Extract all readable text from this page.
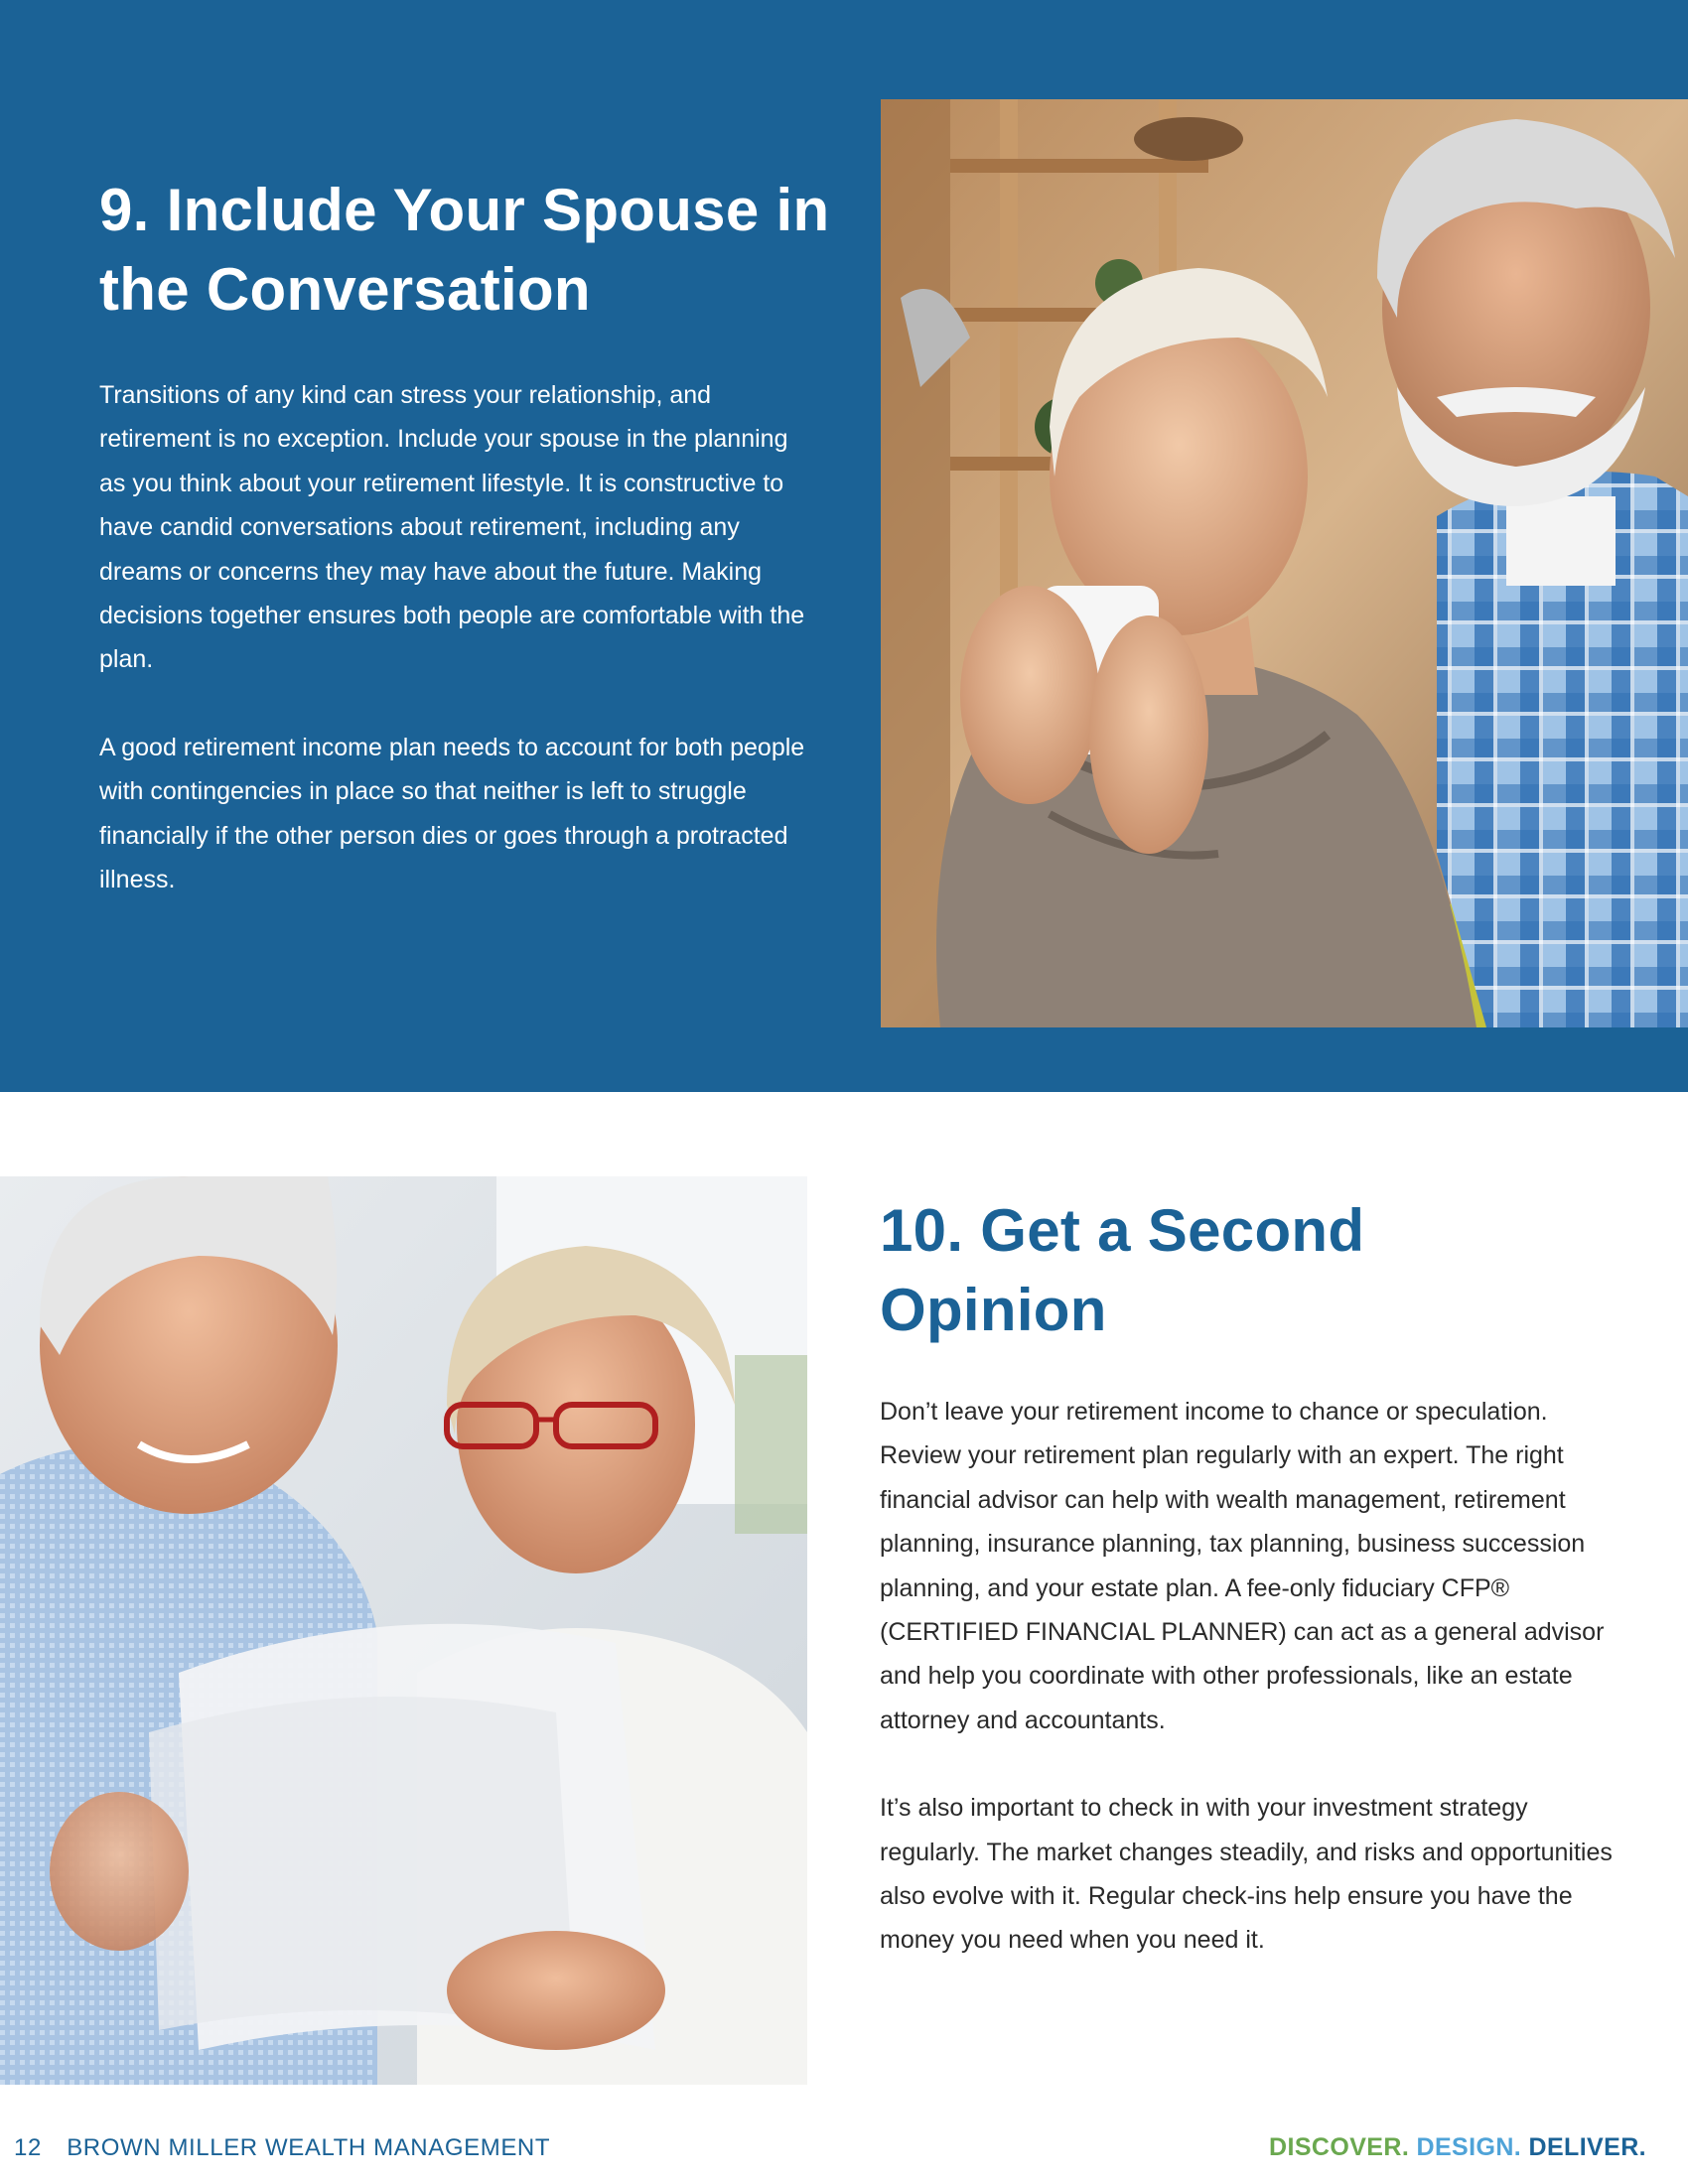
9. Include Your Spouse in the Conversation

Transitions of any kind can stress your relationship, and retirement is no exception. Include your spouse in the planning as you think about your retirement lifestyle. It is constructive to have candid conversations about retirement, including any dreams or concerns they may have about the future. Making decisions together ensures both people are comfortable with the plan.

A good retirement income plan needs to account for both people with contingencies in place so that neither is left to struggle financially if the other person dies or goes through a protracted illness.

10. Get a Second Opinion

Don’t leave your retirement income to chance or speculation. Review your retirement plan regularly with an expert. The right financial advisor can help with wealth management, retirement planning, insurance planning, tax planning, business succession planning, and your estate plan. A fee-only fiduciary CFP® (CERTIFIED FINANCIAL PLANNER) can act as a general advisor and help you coordinate with other professionals, like an estate attorney and accountants.

It’s also important to check in with your investment strategy regularly. The market changes steadily, and risks and opportunities also evolve with it. Regular check-ins help ensure you have the money you need when you need it.

12 BROWN MILLER WEALTH MANAGEMENT	DISCOVER. DESIGN. DELIVER.
